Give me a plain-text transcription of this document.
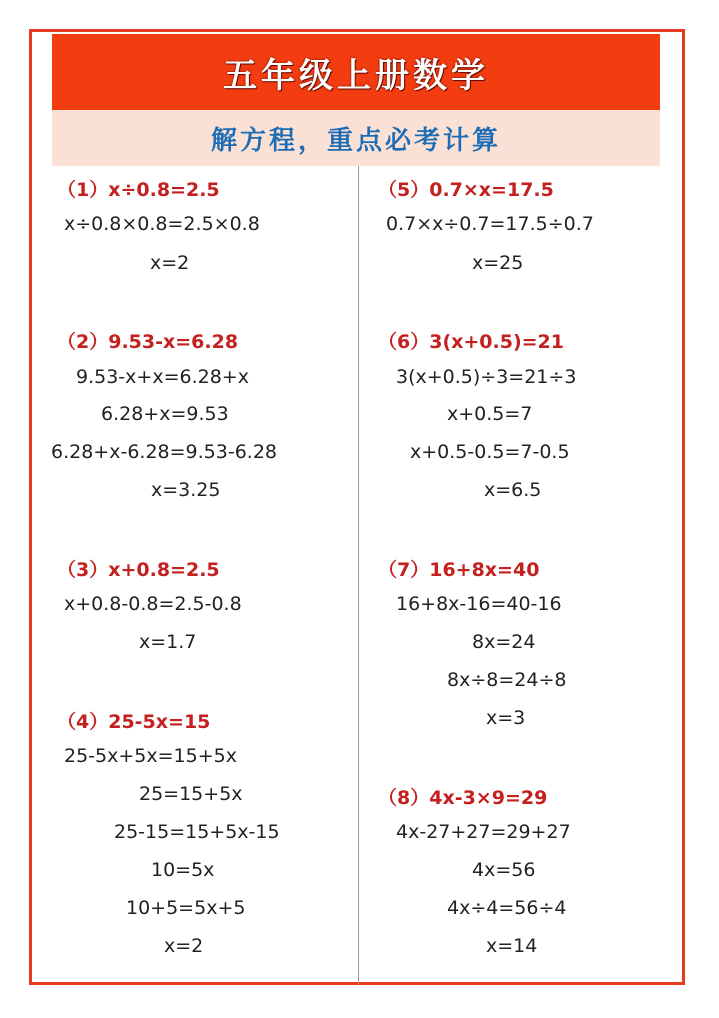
五年级上册数学
解方程，重点必考计算
（1）x÷0.8=2.5
x÷0.8×0.8=2.5×0.8
x=2
（2）9.53-x=6.28
9.53-x+x=6.28+x
6.28+x=9.53
6.28+x-6.28=9.53-6.28
x=3.25
（3）x+0.8=2.5
x+0.8-0.8=2.5-0.8
x=1.7
（4）25-5x=15
25-5x+5x=15+5x
25=15+5x
25-15=15+5x-15
10=5x
10+5=5x+5
x=2
（5）0.7×x=17.5
0.7×x÷0.7=17.5÷0.7
x=25
（6）3(x+0.5)=21
3(x+0.5)÷3=21÷3
x+0.5=7
x+0.5-0.5=7-0.5
x=6.5
（7）16+8x=40
16+8x-16=40-16
8x=24
8x÷8=24÷8
x=3
（8）4x-3×9=29
4x-27+27=29+27
4x=56
4x÷4=56÷4
x=14
